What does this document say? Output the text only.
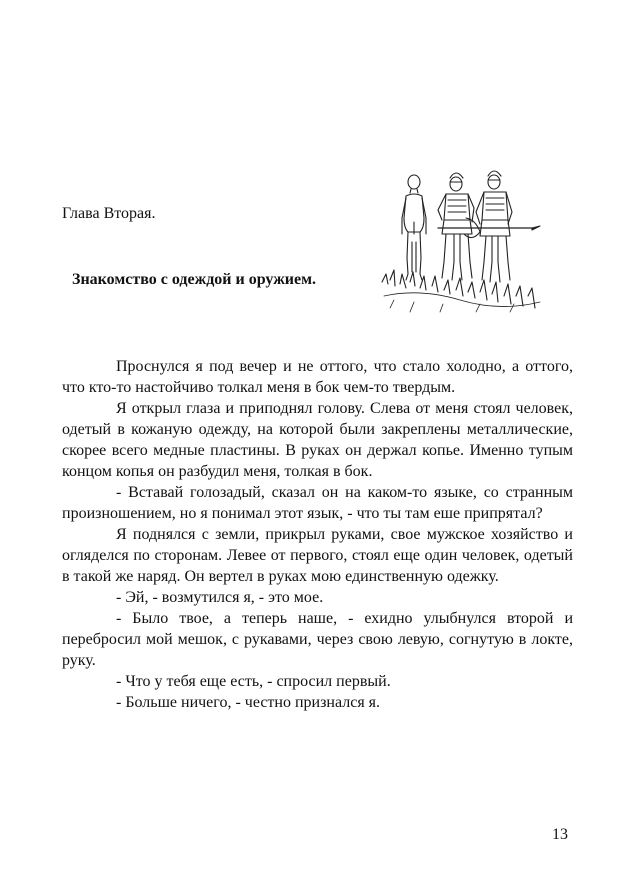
Глава Вторая.
Знакомство с одеждой и оружием.

Проснулся я под вечер и не оттого, что стало холодно, а оттого, что кто-то настойчиво толкал меня в бок чем-то твердым.

Я открыл глаза и приподнял голову. Слева от меня стоял человек, одетый в кожаную одежду, на которой были закреплены металлические, скорее всего медные пластины. В руках он держал копье. Именно тупым концом копья он разбудил меня, толкая в бок.

- Вставай голозадый, сказал он на каком-то языке, со странным произношением, но я понимал этот язык, - что ты там еше припрятал?

Я поднялся с земли, прикрыл руками, свое мужское хозяйство и огляделся по сторонам. Левее от первого, стоял еще один человек, одетый в такой же наряд. Он вертел в руках мою единственную одежку.

- Эй, - возмутился я, - это мое.

- Было твое, а теперь наше, - ехидно улыбнулся второй и перебросил мой мешок, с рукавами, через свою левую, согнутую в локте, руку.

- Что у тебя еще есть, - спросил первый.

- Больше ничего, - честно признался я.

13
